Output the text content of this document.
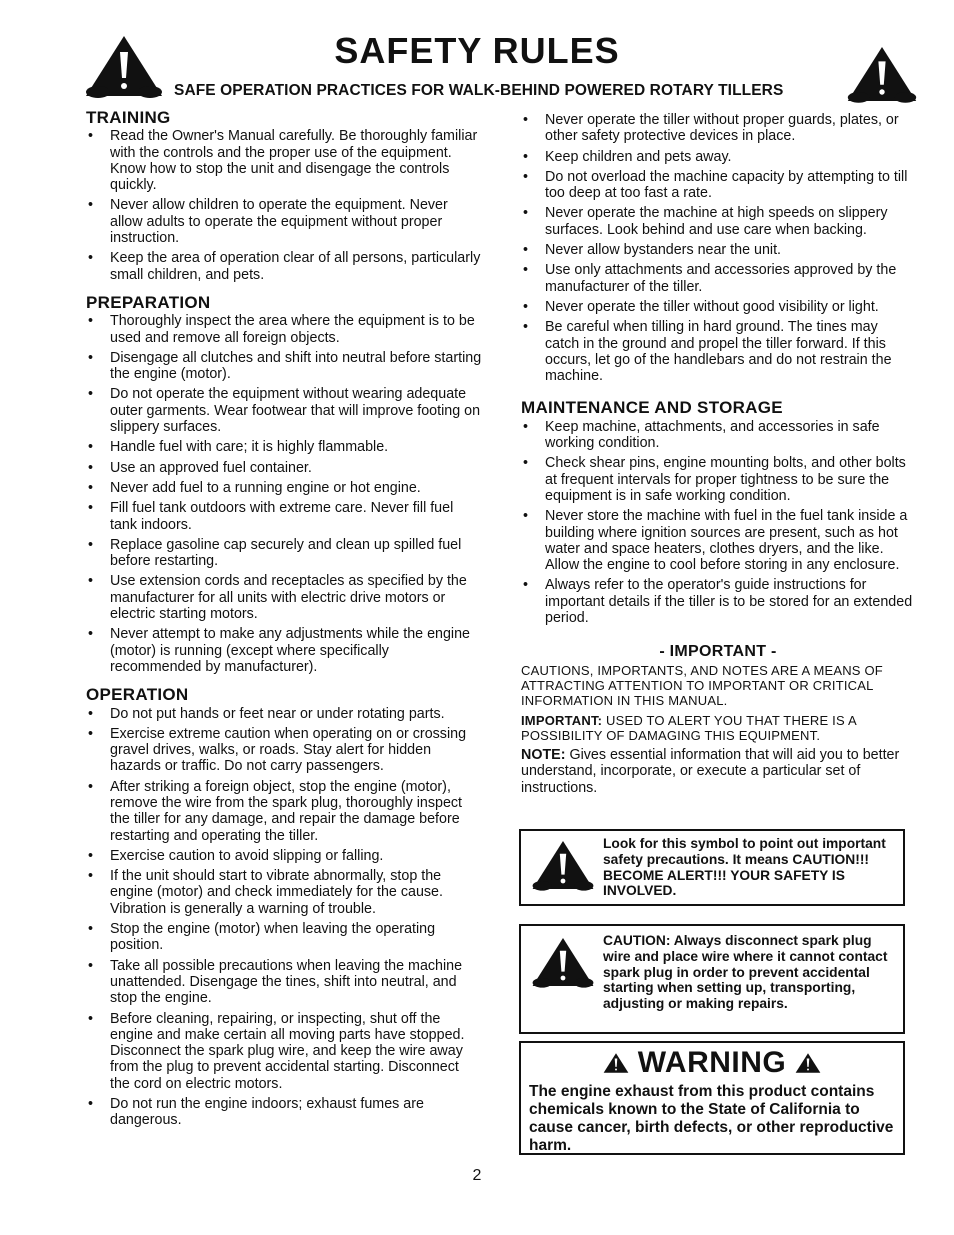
SAFETY RULES
SAFE OPERATION PRACTICES FOR WALK-BEHIND POWERED ROTARY TILLERS
TRAINING
• Read the Owner's Manual carefully. Be thoroughly familiar with the controls and the proper use of the equipment. Know how to stop the unit and disengage the controls quickly.
• Never allow children to operate the equipment. Never allow adults to operate the equipment without proper instruction.
• Keep the area of operation clear of all persons, particularly small children, and pets.
PREPARATION
• Thoroughly inspect the area where the equipment is to be used and remove all foreign objects.
• Disengage all clutches and shift into neutral before starting the engine (motor).
• Do not operate the equipment without wearing adequate outer garments. Wear footwear that will improve footing on slippery surfaces.
• Handle fuel with care; it is highly flammable.
• Use an approved fuel container.
• Never add fuel to a running engine or hot engine.
• Fill fuel tank outdoors with extreme care. Never fill fuel tank indoors.
• Replace gasoline cap securely and clean up spilled fuel before restarting.
• Use extension cords and receptacles as specified by the manufacturer for all units with electric drive motors or electric starting motors.
• Never attempt to make any adjustments while the engine (motor) is running (except where specifically recommended by manufacturer).
OPERATION
• Do not put hands or feet near or under rotating parts.
• Exercise extreme caution when operating on or crossing gravel drives, walks, or roads. Stay alert for hidden hazards or traffic. Do not carry passengers.
• After striking a foreign object, stop the engine (motor), remove the wire from the spark plug, thoroughly inspect the tiller for any damage, and repair the damage before restarting and operating the tiller.
• Exercise caution to avoid slipping or falling.
• If the unit should start to vibrate abnormally, stop the engine (motor) and check immediately for the cause. Vibration is generally a warning of trouble.
• Stop the engine (motor) when leaving the operating position.
• Take all possible precautions when leaving the machine unattended. Disengage the tines, shift into neutral, and stop the engine.
• Before cleaning, repairing, or inspecting, shut off the engine and make certain all moving parts have stopped. Disconnect the spark plug wire, and keep the wire away from the plug to prevent accidental starting. Disconnect the cord on electric motors.
• Do not run the engine indoors; exhaust fumes are dangerous.
• Never operate the tiller without proper guards, plates, or other safety protective devices in place.
• Keep children and pets away.
• Do not overload the machine capacity by attempting to till too deep at too fast a rate.
• Never operate the machine at high speeds on slippery surfaces. Look behind and use care when backing.
• Never allow bystanders near the unit.
• Use only attachments and accessories approved by the manufacturer of the tiller.
• Never operate the tiller without good visibility or light.
• Be careful when tilling in hard ground. The tines may catch in the ground and propel the tiller forward. If this occurs, let go of the handlebars and do not restrain the machine.
MAINTENANCE AND STORAGE
• Keep machine, attachments, and accessories in safe working condition.
• Check shear pins, engine mounting bolts, and other bolts at frequent intervals for proper tightness to be sure the equipment is in safe working condition.
• Never store the machine with fuel in the fuel tank inside a building where ignition sources are present, such as hot water and space heaters, clothes dryers, and the like. Allow the engine to cool before storing in any enclosure.
• Always refer to the operator's guide instructions for important details if the tiller is to be stored for an extended period.
- IMPORTANT -

CAUTIONS, IMPORTANTS, AND NOTES ARE A MEANS OF ATTRACTING ATTENTION TO IMPORTANT OR CRITICAL INFORMATION IN THIS MANUAL.

IMPORTANT: USED TO ALERT YOU THAT THERE IS A POSSIBILITY OF DAMAGING THIS EQUIPMENT.

NOTE: Gives essential information that will aid you to better understand, incorporate, or execute a particular set of instructions.

Look for this symbol to point out important safety precautions. It means CAUTION!!! BECOME ALERT!!! YOUR SAFETY IS INVOLVED.
CAUTION: Always disconnect spark plug wire and place wire where it cannot contact spark plug in order to prevent accidental starting when setting up, transporting, adjusting or making repairs.
WARNING
The engine exhaust from this product contains chemicals known to the State of California to cause cancer, birth defects, or other reproductive harm.
2
